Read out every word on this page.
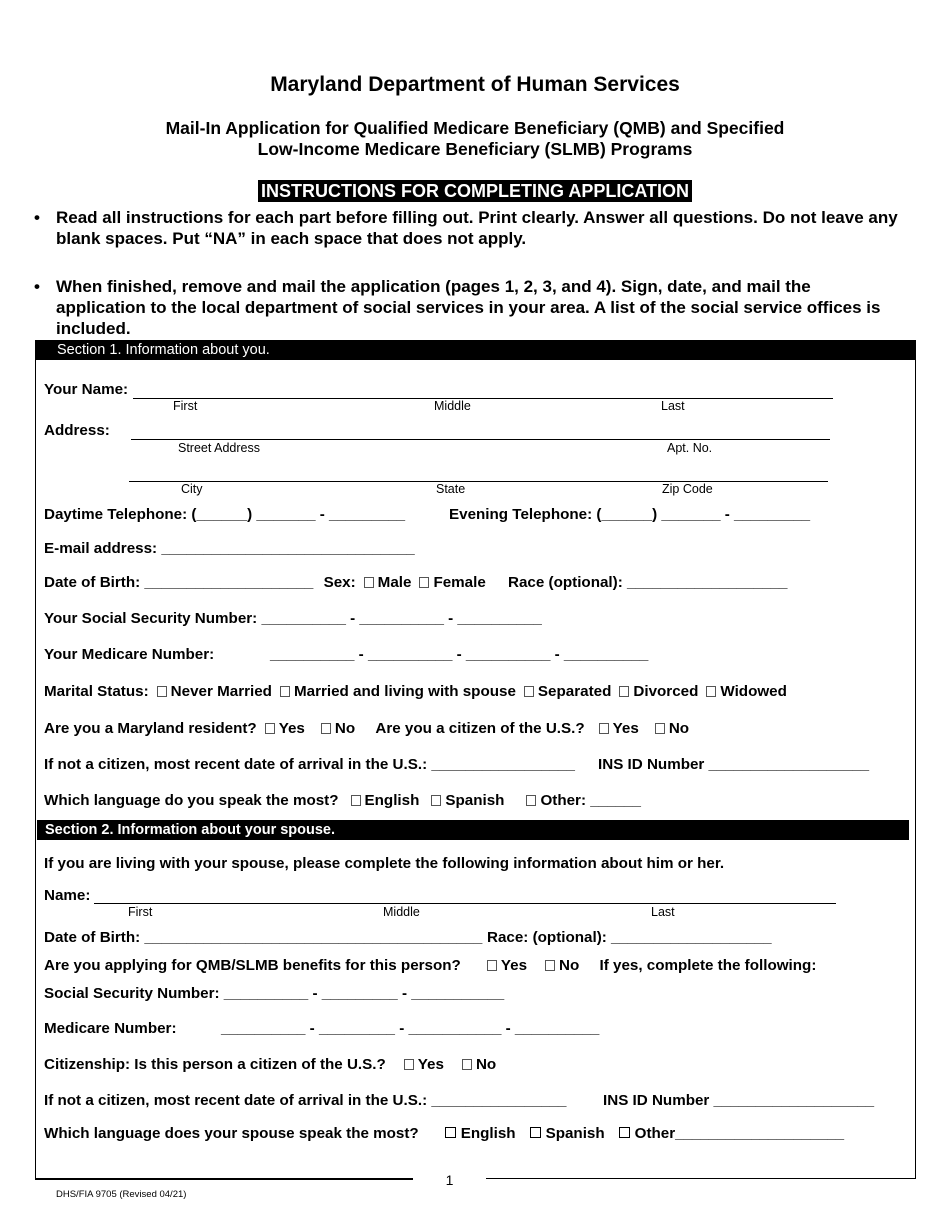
Maryland Department of Human Services
Mail-In Application for Qualified Medicare Beneficiary (QMB) and Specified
Low-Income Medicare Beneficiary (SLMB) Programs
INSTRUCTIONS FOR COMPLETING APPLICATION
• Read all instructions for each part before filling out. Print clearly. Answer all questions. Do not leave any blank spaces. Put “NA” in each space that does not apply.
• When finished, remove and mail the application (pages 1, 2, 3, and 4). Sign, date, and mail the application to the local department of social services in your area. A list of the social service offices is included.
Section 1. Information about you.
Your Name:
First	Middle	Last
Address:
Street Address	Apt. No.
City	State	Zip Code
Daytime Telephone: (______) _______ - _________	Evening Telephone: (______) _______ - _________
E-mail address: ______________________________
Date of Birth: ____________________ Sex: Male Female Race (optional): ___________________
Your Social Security Number: __________ - __________ - __________
Your Medicare Number:	__________ - __________ - __________ - __________
Marital Status: Never Married Married and living with spouse Separated Divorced Widowed
Are you a Maryland resident? Yes No Are you a citizen of the U.S.? Yes No
If not a citizen, most recent date of arrival in the U.S.: _________________ INS ID Number ___________________
Which language do you speak the most? English Spanish Other: ______
Section 2. Information about your spouse.
If you are living with your spouse, please complete the following information about him or her.
Name:
First	Middle	Last
Date of Birth: ________________________________________ Race: (optional): ___________________
Are you applying for QMB/SLMB benefits for this person?	Yes No If yes, complete the following:
Social Security Number: __________ - _________ - ___________
Medicare Number:	__________ - _________ - ___________ - __________
Citizenship: Is this person a citizen of the U.S.? Yes No
If not a citizen, most recent date of arrival in the U.S.: ________________ INS ID Number ___________________
Which language does your spouse speak the most?	English Spanish Other____________________
1
DHS/FIA 9705 (Revised 04/21)
